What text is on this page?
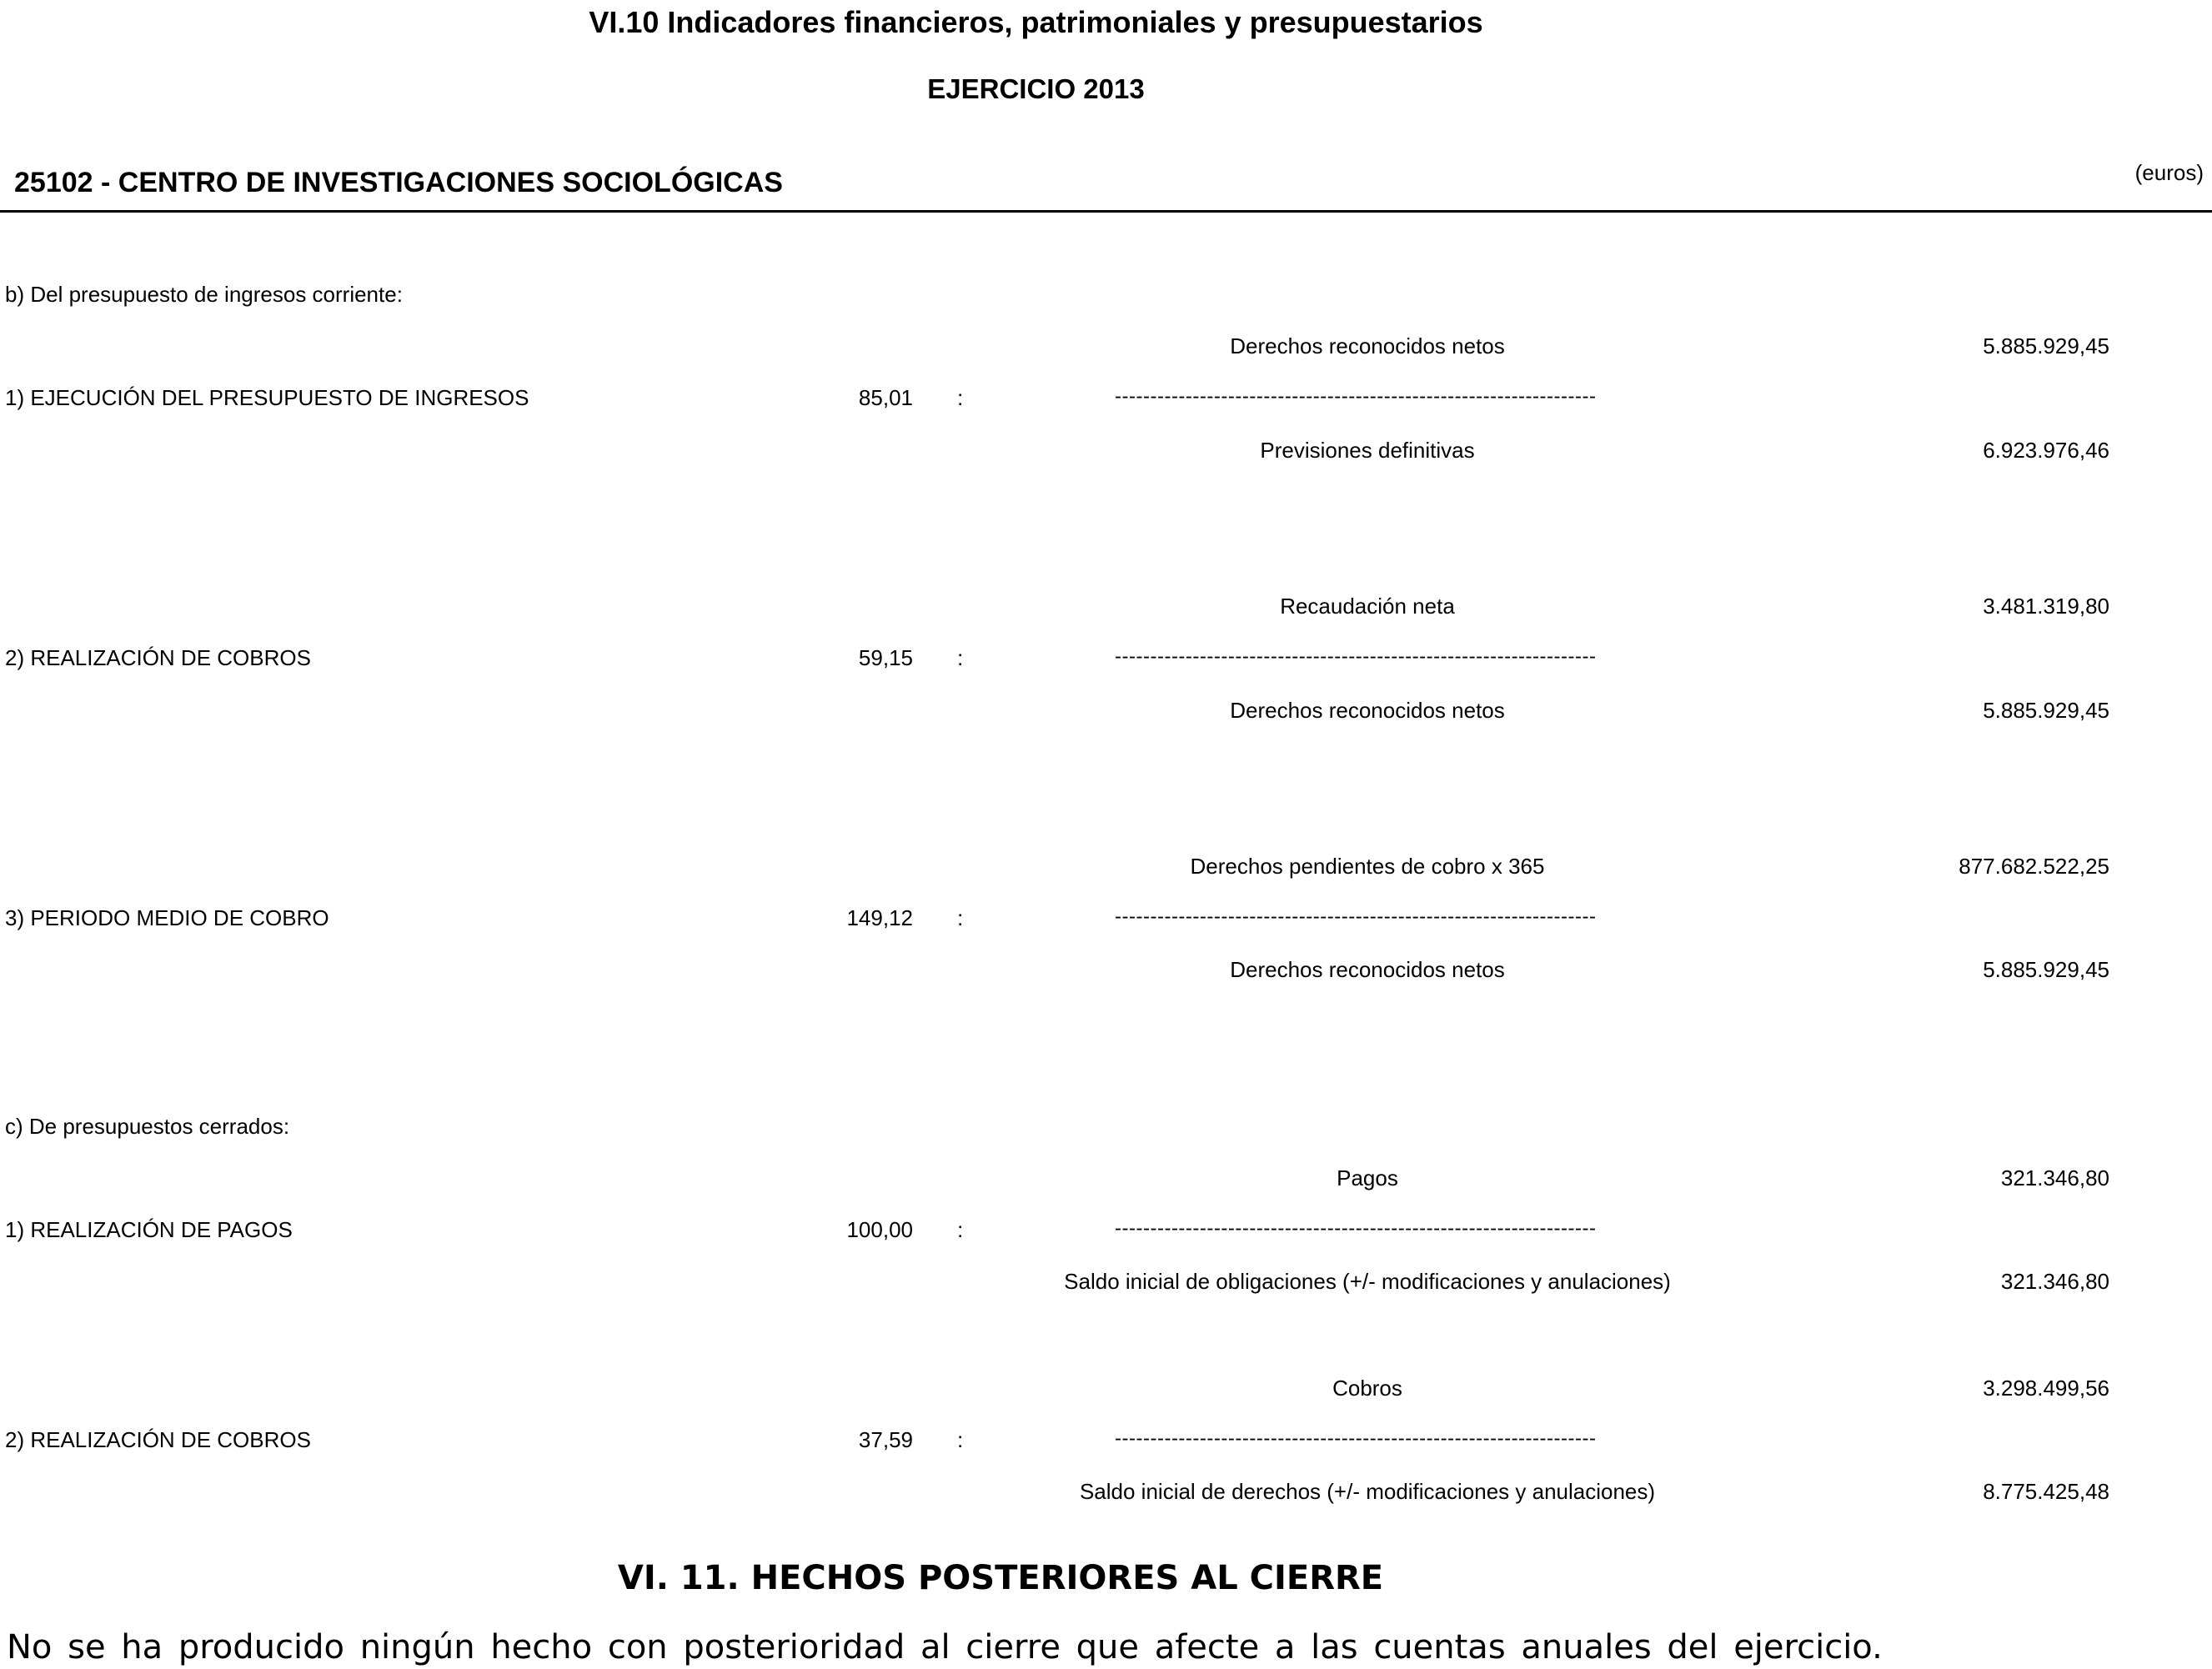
VI.10 Indicadores financieros, patrimoniales y presupuestarios
EJERCICIO 2013
25102 - CENTRO DE INVESTIGACIONES SOCIOLÓGICAS	(euros)
b) Del presupuesto de ingresos corriente:
Derechos reconocidos netos	5.885.929,45
1) EJECUCIÓN DEL PRESUPUESTO DE INGRESOS	85,01 :	--------------------------------------------------------------------
Previsiones definitivas	6.923.976,46
Recaudación neta	3.481.319,80
2) REALIZACIÓN DE COBROS	59,15 :	--------------------------------------------------------------------
Derechos reconocidos netos	5.885.929,45
Derechos pendientes de cobro x 365	877.682.522,25
3) PERIODO MEDIO DE COBRO	149,12 :	--------------------------------------------------------------------
Derechos reconocidos netos	5.885.929,45
c) De presupuestos cerrados:
Pagos	321.346,80
1) REALIZACIÓN DE PAGOS	100,00 :	--------------------------------------------------------------------
Saldo inicial de obligaciones (+/- modificaciones y anulaciones)	321.346,80
Cobros	3.298.499,56
2) REALIZACIÓN DE COBROS	37,59 :	--------------------------------------------------------------------
Saldo inicial de derechos (+/- modificaciones y anulaciones)	8.775.425,48
VI. 11. HECHOS POSTERIORES AL CIERRE
No se ha producido ningún hecho con posterioridad al cierre que afecte a las cuentas anuales del ejercicio.
